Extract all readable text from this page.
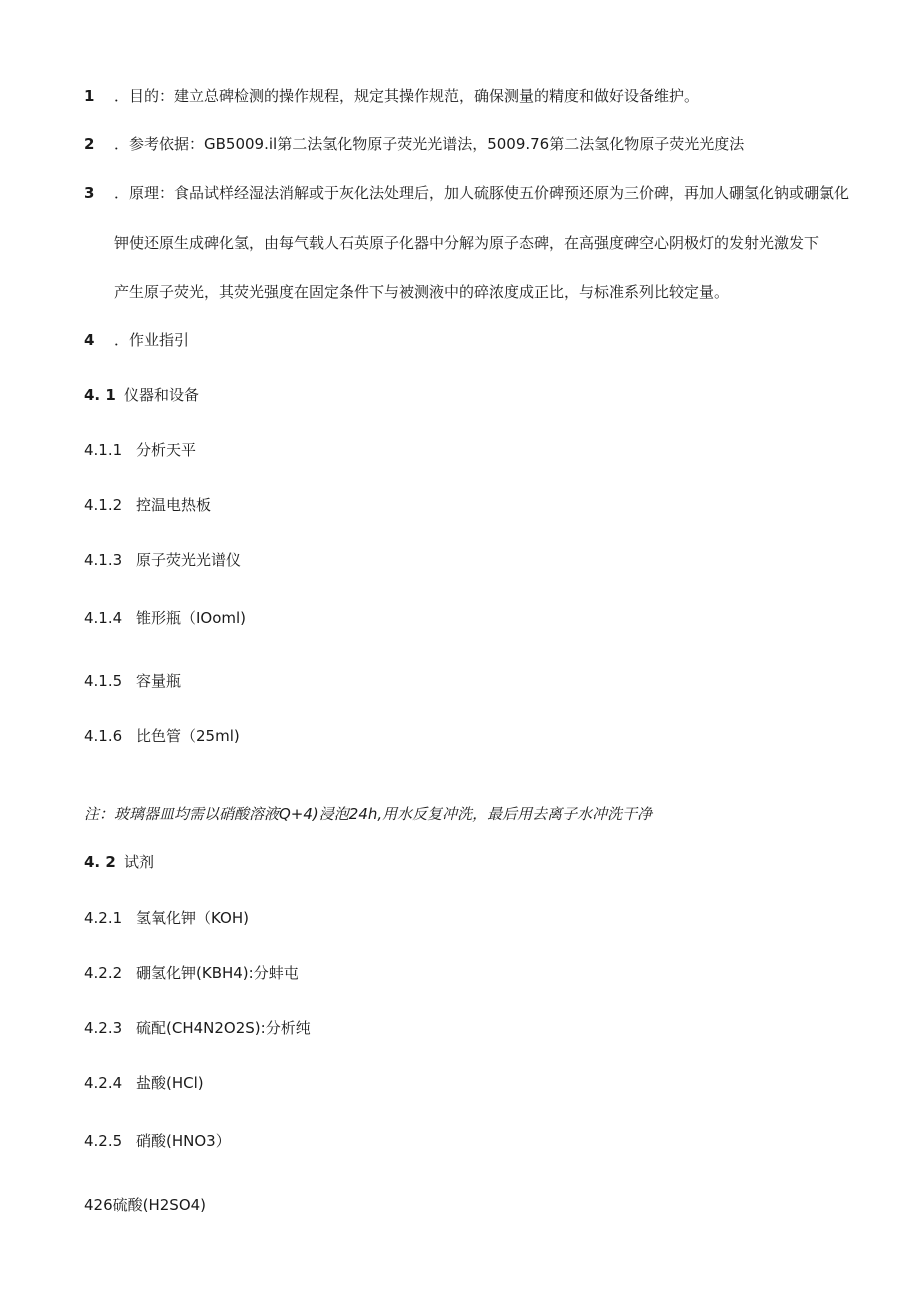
1 ．目的：建立总碑检测的操作规程，规定其操作规范，确保测量的精度和做好设备维护。
2 ．参考依据：GB5009.il第二法氢化物原子荧光光谱法，5009.76第二法氢化物原子荧光光度法
3 ．原理：食品试样经湿法消解或于灰化法处理后，加人硫豚使五价碑预还原为三价碑，再加人硼氢化钠或硼氯化
钾使还原生成碑化氢，由每气载人石英原子化器中分解为原子态碑，在高强度碑空心阴极灯的发射光激发下
产生原子荧光，其荧光强度在固定条件下与被测液中的碎浓度成正比，与标准系列比较定量。
4 ．作业指引
4. 1 仪器和设备
4.1.1 分析天平
4.1.2 控温电热板
4.1.3 原子荧光光谱仪
4.1.4 锥形瓶（IOoml)
4.1.5 容量瓶
4.1.6 比色管（25ml)
注：玻璃器皿均需以硝酸溶液Q+4)浸泡24h,用水反复冲洗，最后用去离子水冲洗干净
4. 2 试剂
4.2.1 氢氧化钾（KOH)
4.2.2 硼氢化钾(KBH4):分蚌屯
4.2.3 硫配(CH4N2O2S):分析纯
4.2.4 盐酸(HCl)
4.2.5 硝酸(HNO3）
426硫酸(H2SO4)
